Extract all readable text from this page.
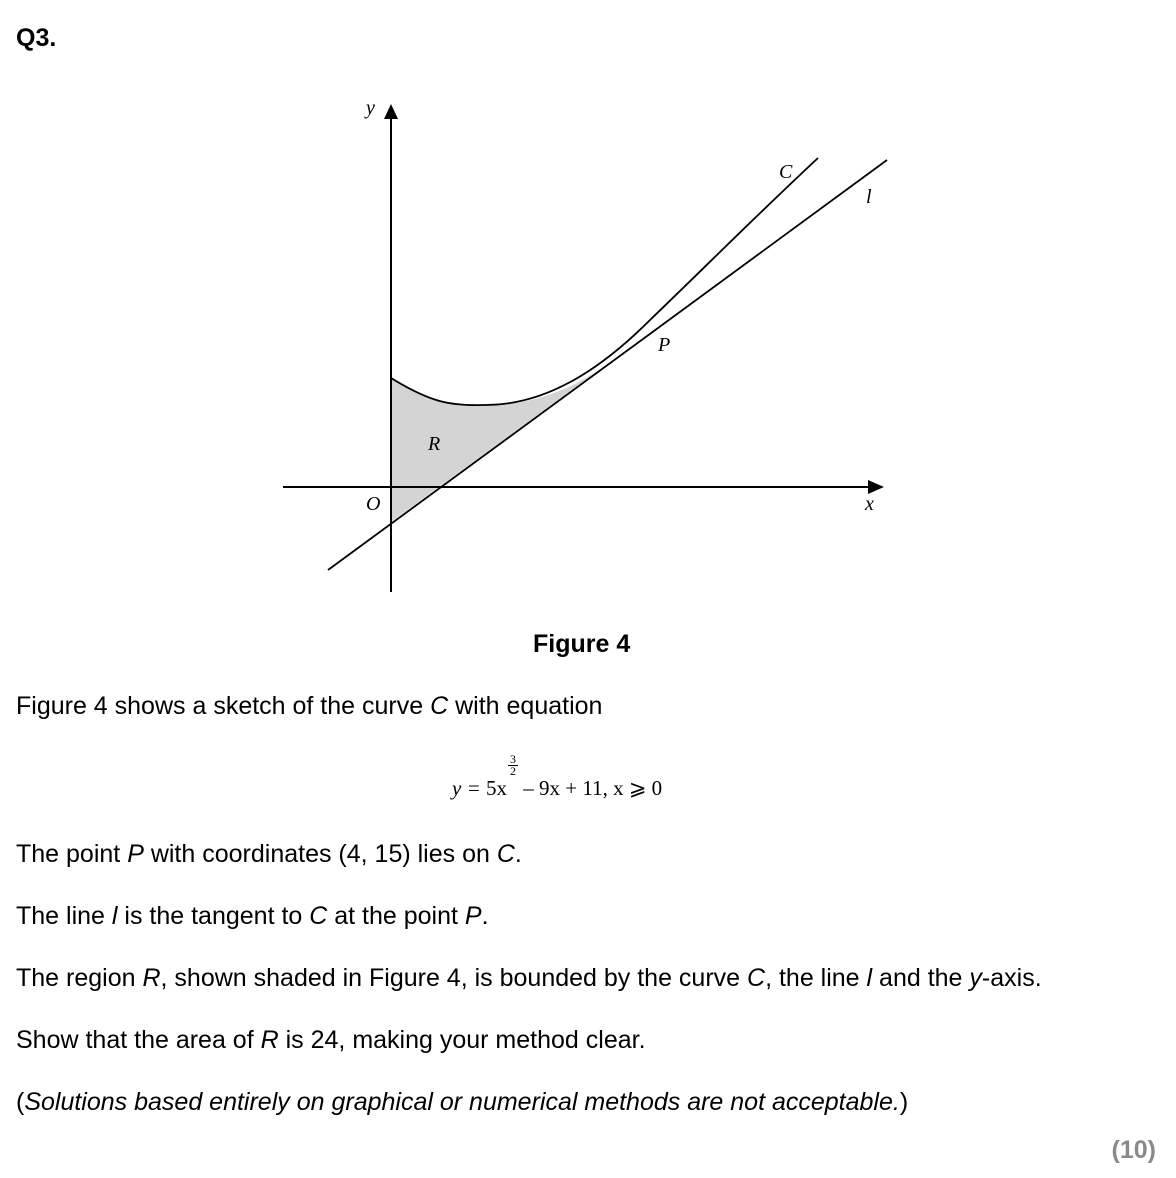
Q3.
y
x
O
C
l
P
R
Figure 4
Figure 4 shows a sketch of the curve C with equation
y = 5x
$\frac{3}{2}$
– 9x + 11, x ⩾ 0
The point P with coordinates (4, 15) lies on C.
The line l is the tangent to C at the point P.
The region R, shown shaded in Figure 4, is bounded by the curve C, the line l and the y-axis.
Show that the area of R is 24, making your method clear.
(Solutions based entirely on graphical or numerical methods are not acceptable.)
(10)
